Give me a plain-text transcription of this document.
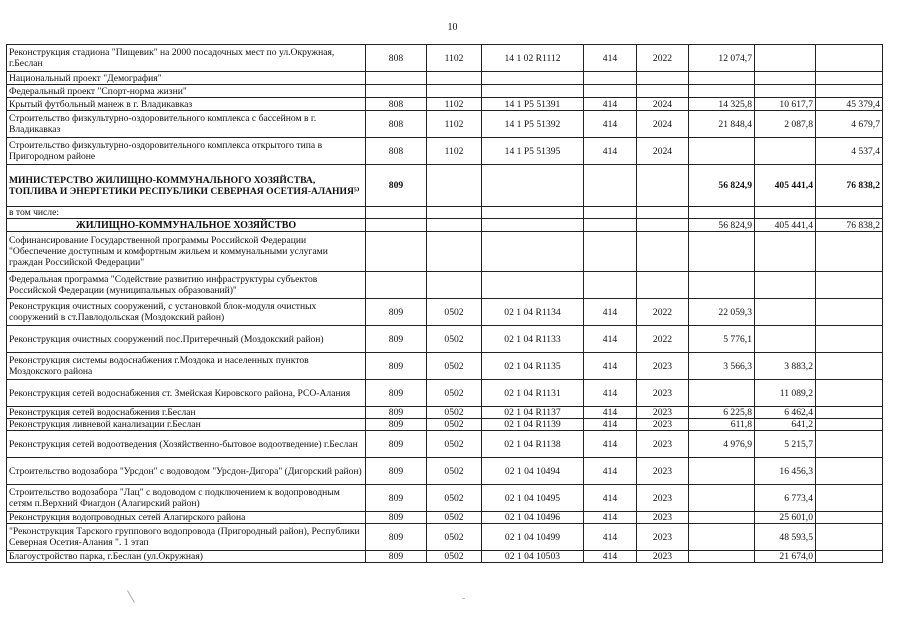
10
Реконструкция стадиона "Пищевик" на 2000 посадочных мест по ул.Окружная, г.Беслан	808	1102	14 1 02 R1112	414	2022	12 074,7		
Национальный проект "Демография"								
Федеральный проект "Спорт-норма жизни"								
Крытый футбольный манеж в г. Владикавказ	808	1102	14 1 P5 51391	414	2024	14 325,8	10 617,7	45 379,4
Строительство физкультурно-оздоровительного комплекса с бассейном в г. Владикавказ	808	1102	14 1 P5 51392	414	2024	21 848,4	2 087,8	4 679,7
Строительство физкультурно-оздоровительного комплекса открытого типа в Пригородном районе	808	1102	14 1 P5 51395	414	2024			4 537,4
МИНИСТЕРСТВО ЖИЛИЩНО-КОММУНАЛЬНОГО ХОЗЯЙСТВА, ТОПЛИВА И ЭНЕРГЕТИКИ РЕСПУБЛИКИ СЕВЕРНАЯ ОСЕТИЯ-АЛАНИЯ⁵⁾	809					56 824,9	405 441,4	76 838,2
в том числе:								
ЖИЛИЩНО-КОММУНАЛЬНОЕ ХОЗЯЙСТВО						56 824,9	405 441,4	76 838,2
Софинансирование Государственной программы Российской Федерации "Обеспечение доступным и комфортным жильем и коммунальными услугами граждан Российской Федерации"								
Федеральная программа "Содействие развитию инфраструктуры субъектов Российской Федерации (муниципальных образований)"								
Реконструкция очистных сооружений, с установкой блок-модуля очистных сооружений в ст.Павлодольская (Моздокский район)	809	0502	02 1 04 R1134	414	2022	22 059,3		
Реконструкция очистных сооружений пос.Притеречный (Моздокский район)	809	0502	02 1 04 R1133	414	2022	5 776,1		
Реконструкция системы водоснабжения г.Моздока и населенных пунктов Моздокского района	809	0502	02 1 04 R1135	414	2023	3 566,3	3 883,2	
Реконструкция сетей водоснабжения ст. Змейская Кировского района, РСО-Алания	809	0502	02 1 04 R1131	414	2023		11 089,2	
Реконструкция сетей водоснабжения г.Беслан	809	0502	02 1 04 R1137	414	2023	6 225,8	6 462,4	
Реконструкция ливневой канализации г.Беслан	809	0502	02 1 04 R1139	414	2023	611,8	641,2	
Реконструкция сетей водоотведения (Хозяйственно-бытовое водоотведение) г.Беслан	809	0502	02 1 04 R1138	414	2023	4 976,9	5 215,7	
Строительство водозабора "Урсдон" с водоводом "Урсдон-Дигора" (Дигорский район)	809	0502	02 1 04 10494	414	2023		16 456,3	
Строительство водозабора "Лац" с водоводом с подключением к водопроводным сетям п.Верхний Фиагдон (Алагирский район)	809	0502	02 1 04 10495	414	2023		6 773,4	
Реконструкция водопроводных сетей Алагирского района	809	0502	02 1 04 10496	414	2023		25 601,0	
"Реконструкция Тарского группового водопровода (Пригородный район), Республики Северная Осетия-Алания ". 1 этап	809	0502	02 1 04 10499	414	2023		48 593,5	
Благоустройство парка, г.Беслан (ул.Окружная)	809	0502	02 1 04 10503	414	2023		21 674,0	
